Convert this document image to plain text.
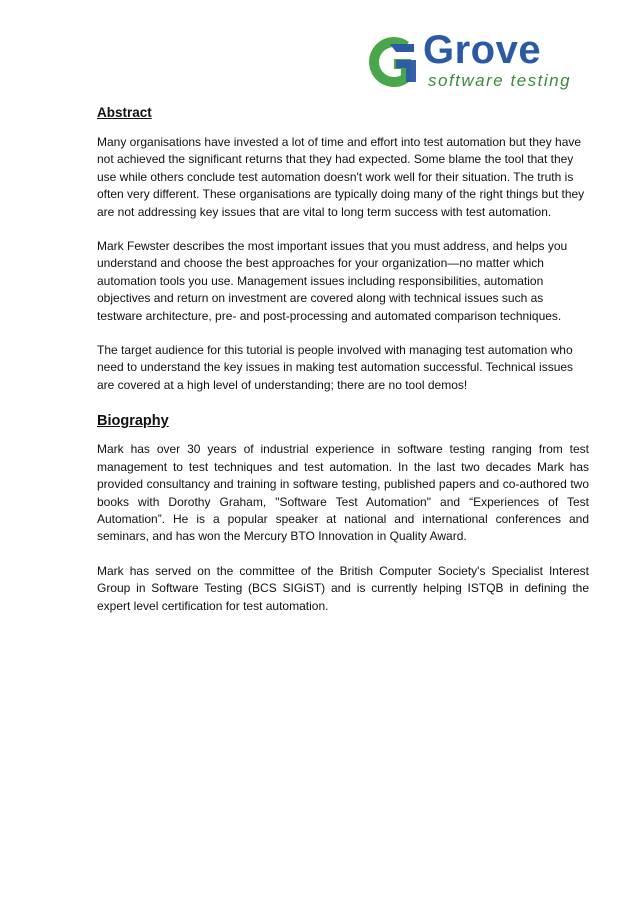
Grove
software testing
Abstract

Many organisations have invested a lot of time and effort into test automation but they have not achieved the significant returns that they had expected. Some blame the tool that they use while others conclude test automation doesn't work well for their situation. The truth is often very different. These organisations are typically doing many of the right things but they are not addressing key issues that are vital to long term success with test automation.

Mark Fewster describes the most important issues that you must address, and helps you understand and choose the best approaches for your organization—no matter which automation tools you use. Management issues including responsibilities, automation objectives and return on investment are covered along with technical issues such as testware architecture, pre- and post-processing and automated comparison techniques.

The target audience for this tutorial is people involved with managing test automation who need to understand the key issues in making test automation successful. Technical issues are covered at a high level of understanding; there are no tool demos!

Biography

Mark has over 30 years of industrial experience in software testing ranging from test management to test techniques and test automation. In the last two decades Mark has provided consultancy and training in software testing, published papers and co-authored two books with Dorothy Graham, "Software Test Automation" and “Experiences of Test Automation”. He is a popular speaker at national and international conferences and seminars, and has won the Mercury BTO Innovation in Quality Award.

Mark has served on the committee of the British Computer Society's Specialist Interest Group in Software Testing (BCS SIGiST) and is currently helping ISTQB in defining the expert level certification for test automation.
